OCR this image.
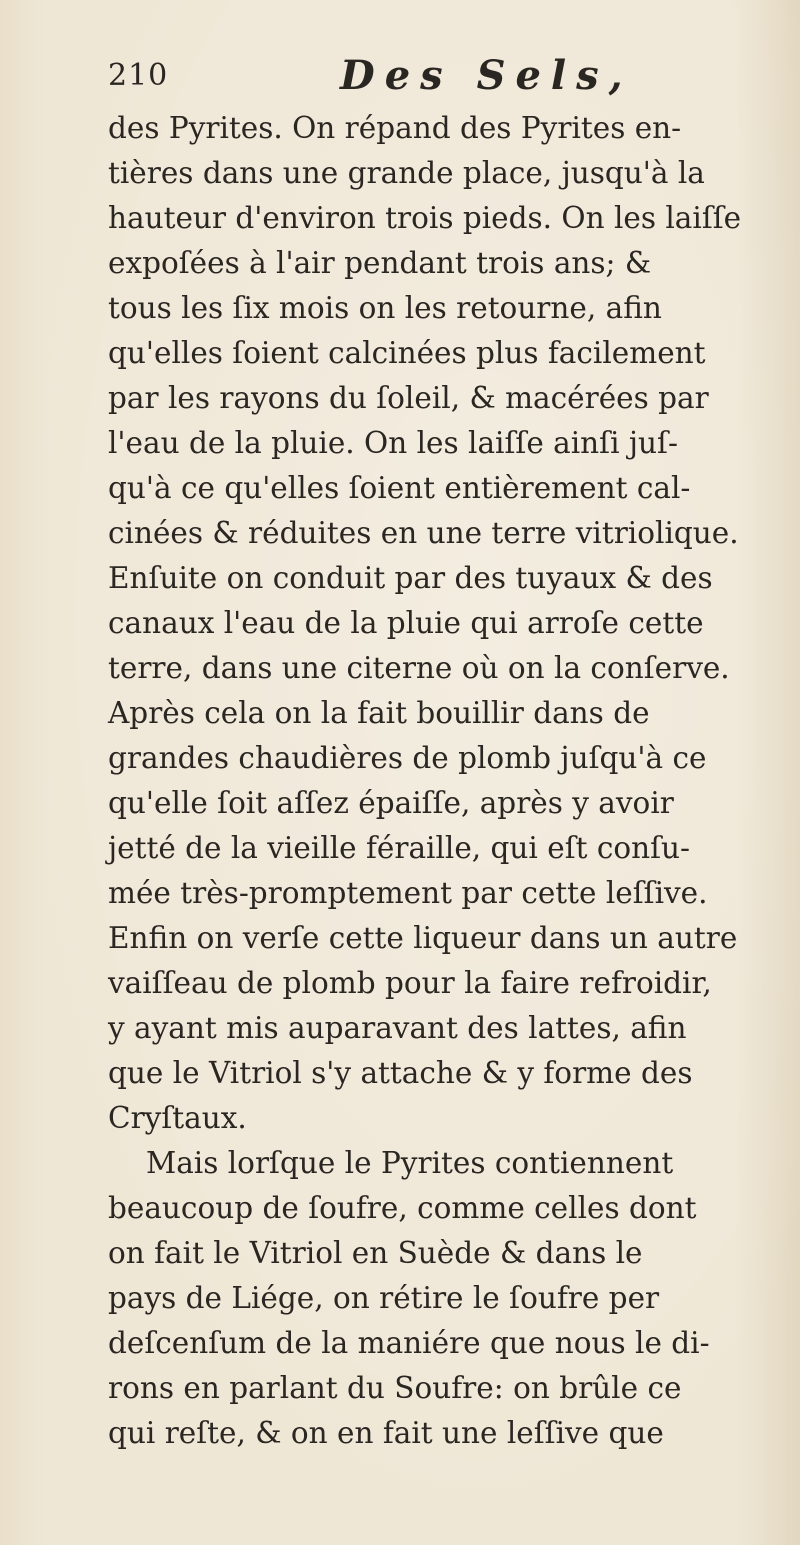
210	Des Sels,
des Pyrites. On répand des Pyrites en-
tières dans une grande place, jusqu'à la
hauteur d'environ trois pieds. On les laiſſe
expoſées à l'air pendant trois ans; &
tous les ſix mois on les retourne, afin
qu'elles ſoient calcinées plus facilement
par les rayons du ſoleil, & macérées par
l'eau de la pluie. On les laiſſe ainſi juſ-
qu'à ce qu'elles ſoient entièrement cal-
cinées & réduites en une terre vitriolique.
Enſuite on conduit par des tuyaux & des
canaux l'eau de la pluie qui arroſe cette
terre, dans une citerne où on la conſerve.
Après cela on la fait bouillir dans de
grandes chaudières de plomb juſqu'à ce
qu'elle ſoit aſſez épaiſſe, après y avoir
jetté de la vieille féraille, qui eſt conſu-
mée très-promptement par cette leſſive.
Enfin on verſe cette liqueur dans un autre
vaiſſeau de plomb pour la faire refroidir,
y ayant mis auparavant des lattes, afin
que le Vitriol s'y attache & y forme des
Cryſtaux.
Mais lorſque le Pyrites contiennent
beaucoup de ſoufre, comme celles dont
on fait le Vitriol en Suède & dans le
pays de Liége, on rétire le ſoufre per
deſcenſum de la maniére que nous le di-
rons en parlant du Soufre: on brûle ce
qui reſte, & on en fait une leſſive que
